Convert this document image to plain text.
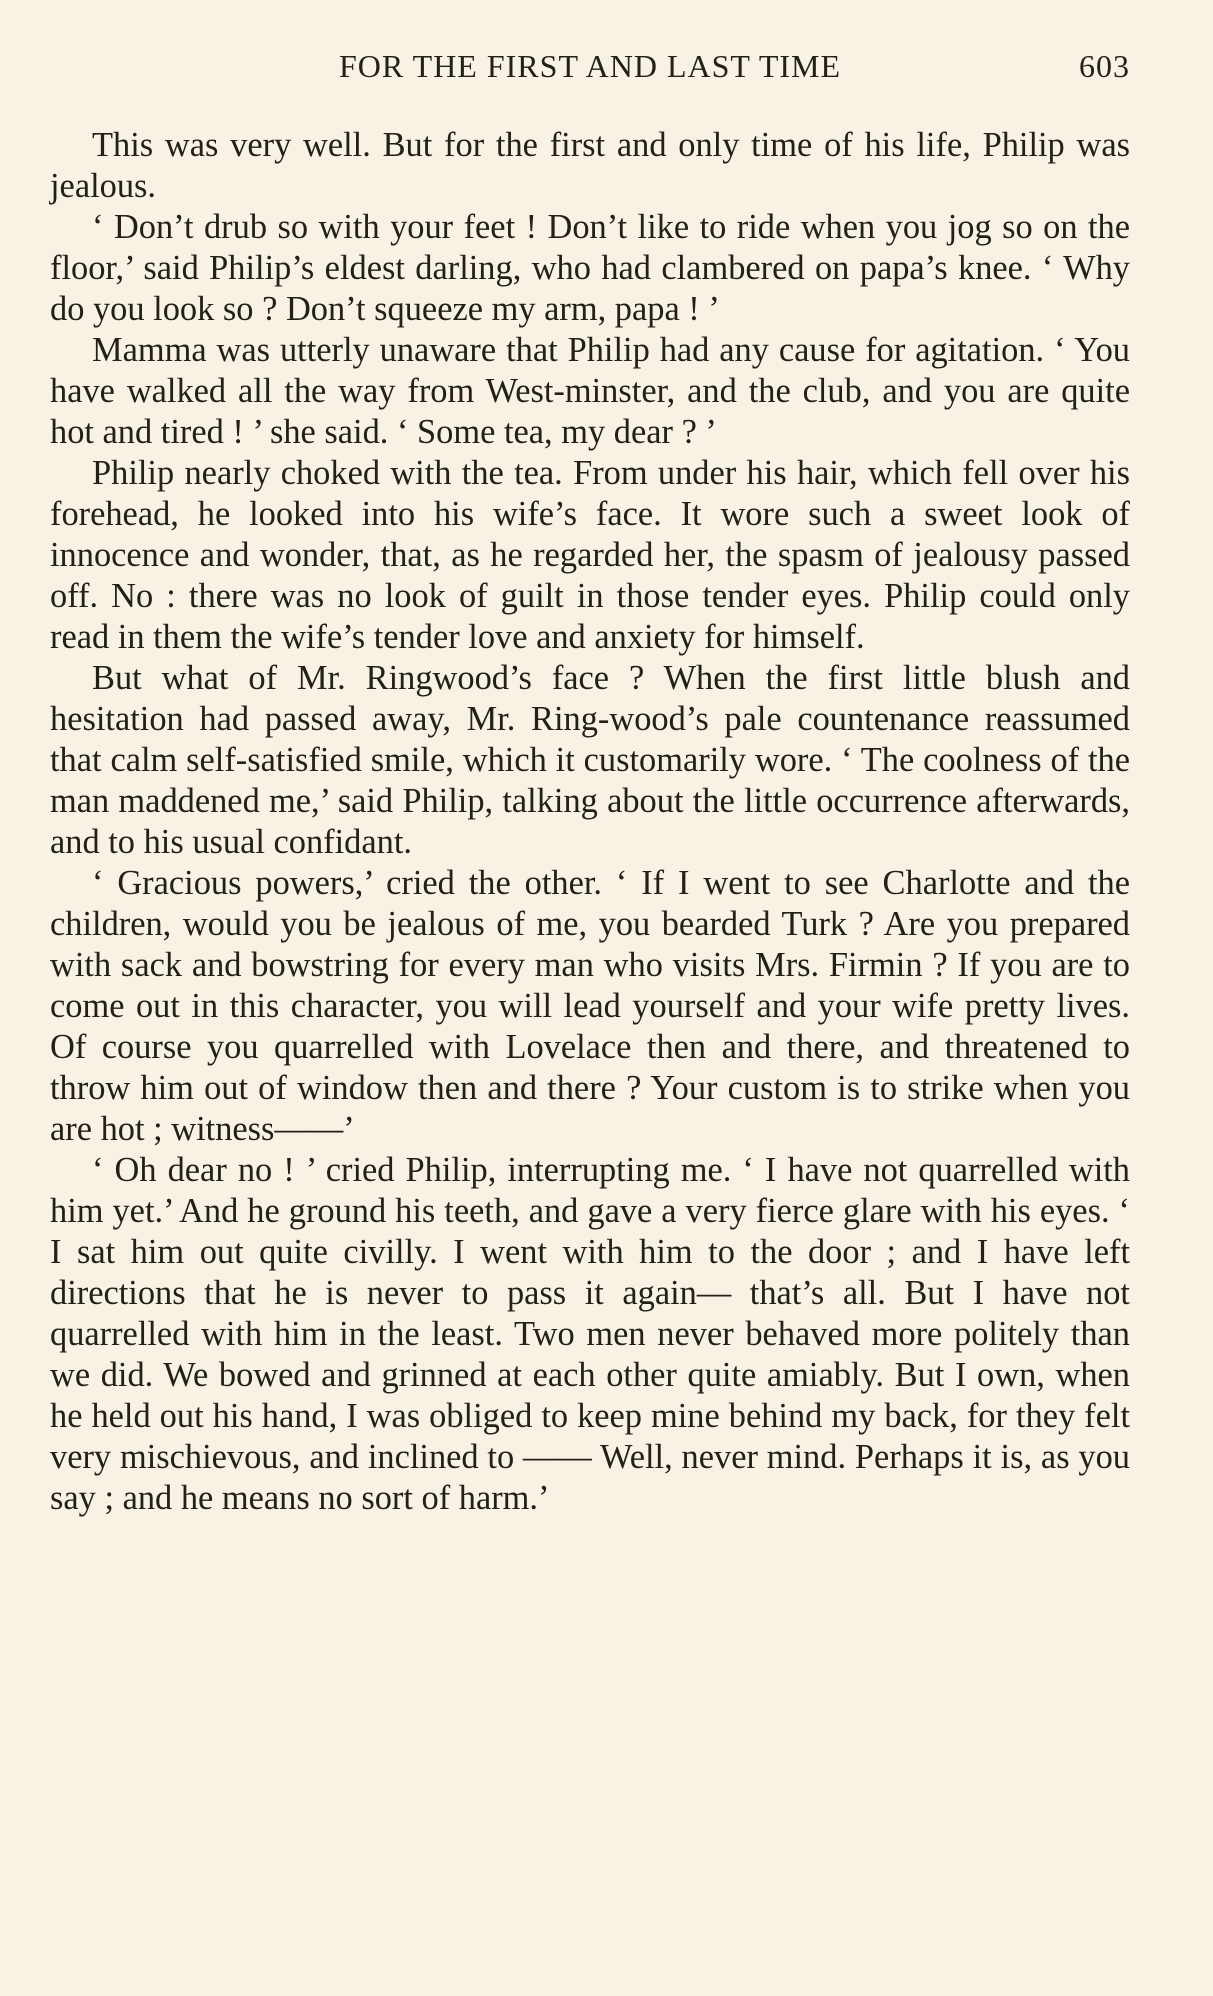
FOR THE FIRST AND LAST TIME	603

This was very well. But for the first and only time of his life, Philip was jealous.

‘ Don’t drub so with your feet ! Don’t like to ride when you jog so on the floor,’ said Philip’s eldest darling, who had clambered on papa’s knee. ‘ Why do you look so ? Don’t squeeze my arm, papa ! ’

Mamma was utterly unaware that Philip had any cause for agitation. ‘ You have walked all the way from West-minster, and the club, and you are quite hot and tired ! ’ she said. ‘ Some tea, my dear ? ’

Philip nearly choked with the tea. From under his hair, which fell over his forehead, he looked into his wife’s face. It wore such a sweet look of innocence and wonder, that, as he regarded her, the spasm of jealousy passed off. No : there was no look of guilt in those tender eyes. Philip could only read in them the wife’s tender love and anxiety for himself.

But what of Mr. Ringwood’s face ? When the first little blush and hesitation had passed away, Mr. Ring-wood’s pale countenance reassumed that calm self-satisfied smile, which it customarily wore. ‘ The coolness of the man maddened me,’ said Philip, talking about the little occurrence afterwards, and to his usual confidant.

‘ Gracious powers,’ cried the other. ‘ If I went to see Charlotte and the children, would you be jealous of me, you bearded Turk ? Are you prepared with sack and bowstring for every man who visits Mrs. Firmin ? If you are to come out in this character, you will lead yourself and your wife pretty lives. Of course you quarrelled with Lovelace then and there, and threatened to throw him out of window then and there ? Your custom is to strike when you are hot ; witness——’

‘ Oh dear no ! ’ cried Philip, interrupting me. ‘ I have not quarrelled with him yet.’ And he ground his teeth, and gave a very fierce glare with his eyes. ‘ I sat him out quite civilly. I went with him to the door ; and I have left directions that he is never to pass it again— that’s all. But I have not quarrelled with him in the least. Two men never behaved more politely than we did. We bowed and grinned at each other quite amiably. But I own, when he held out his hand, I was obliged to keep mine behind my back, for they felt very mischievous, and inclined to —— Well, never mind. Perhaps it is, as you say ; and he means no sort of harm.’
